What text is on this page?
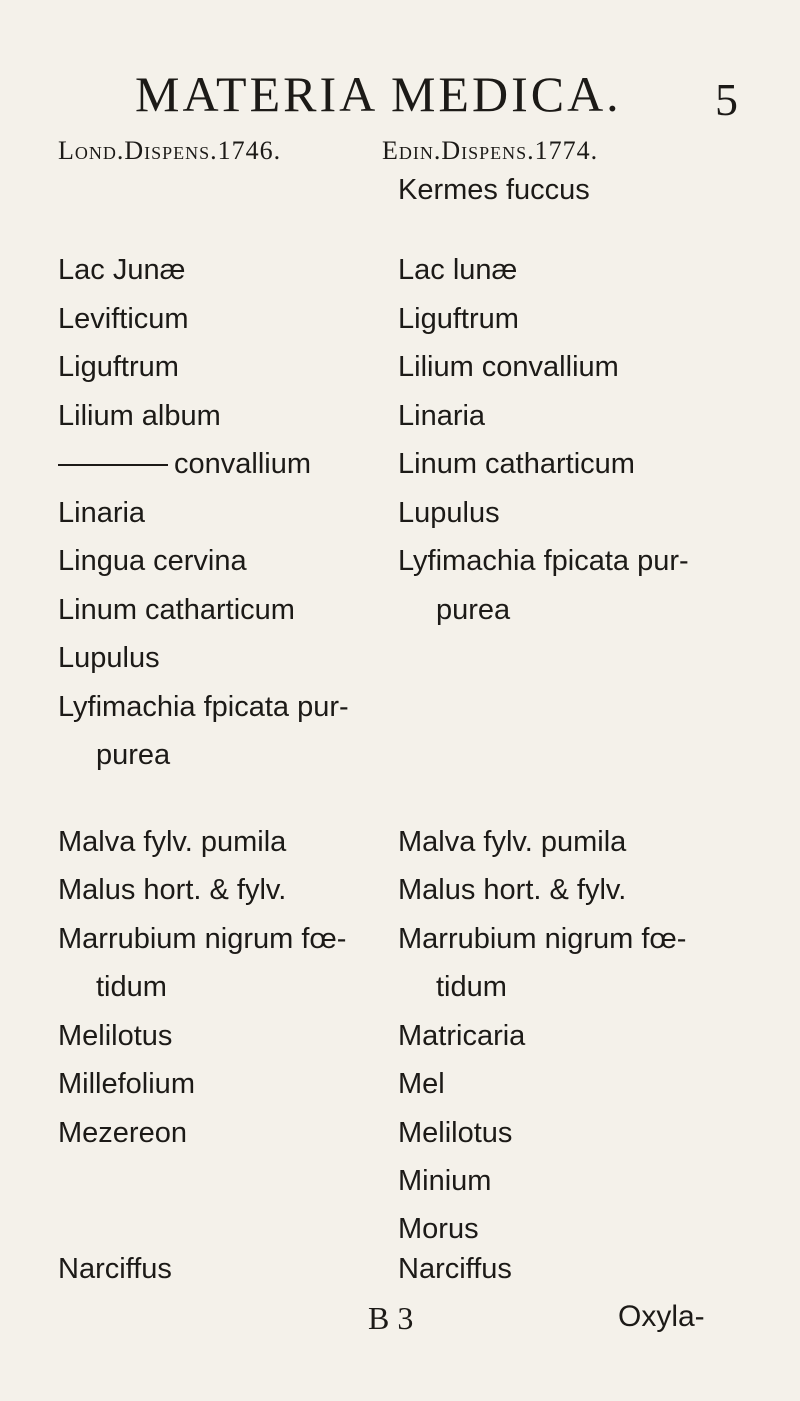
MATERIA MEDICA. 5
Lond.Dispens.1746.	Edin.Dispens.1774.
Lac Junæ
Levifticum
Liguftrum
Lilium album
convallium
Linaria
Lingua cervina
Linum catharticum
Lupulus
Lyfimachia fpicata pur-
purea
Malva fylv. pumila
Malus hort. & fylv.
Marrubium nigrum fœ-
tidum
Melilotus
Millefolium
Mezereon
Narciffus
Kermes fuccus
Lac lunæ
Liguftrum
Lilium convallium
Linaria
Linum catharticum
Lupulus
Lyfimachia fpicata pur-
purea
Malva fylv. pumila
Malus hort. & fylv.
Marrubium nigrum fœ-
tidum
Matricaria
Mel
Melilotus
Minium
Morus
Narciffus
B 3	Oxyla-
